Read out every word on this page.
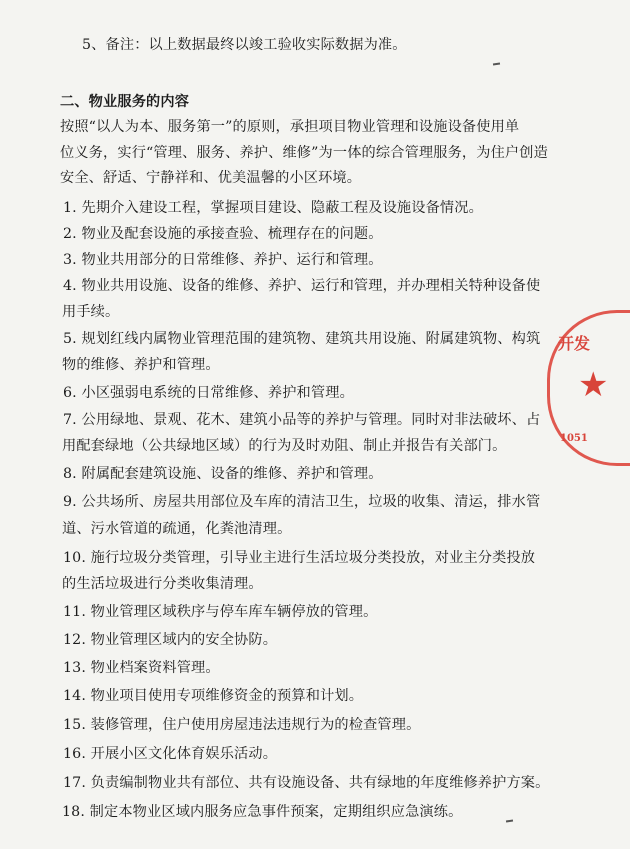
5、备注：以上数据最终以竣工验收实际数据为准。
二、物业服务的内容
按照“以人为本、服务第一”的原则，承担项目物业管理和设施设备使用单
位义务，实行“管理、服务、养护、维修”为一体的综合管理服务，为住户创造
安全、舒适、宁静祥和、优美温馨的小区环境。
1. 先期介入建设工程，掌握项目建设、隐蔽工程及设施设备情况。
2. 物业及配套设施的承接查验、梳理存在的问题。
3. 物业共用部分的日常维修、养护、运行和管理。
4. 物业共用设施、设备的维修、养护、运行和管理，并办理相关特种设备使
用手续。
5. 规划红线内属物业管理范围的建筑物、建筑共用设施、附属建筑物、构筑
物的维修、养护和管理。
6. 小区强弱电系统的日常维修、养护和管理。
7. 公用绿地、景观、花木、建筑小品等的养护与管理。同时对非法破坏、占
用配套绿地（公共绿地区域）的行为及时劝阻、制止并报告有关部门。
8. 附属配套建筑设施、设备的维修、养护和管理。
9. 公共场所、房屋共用部位及车库的清洁卫生，垃圾的收集、清运，排水管
道、污水管道的疏通，化粪池清理。
10. 施行垃圾分类管理，引导业主进行生活垃圾分类投放，对业主分类投放
的生活垃圾进行分类收集清理。
11. 物业管理区域秩序与停车库车辆停放的管理。
12. 物业管理区域内的安全协防。
13. 物业档案资料管理。
14. 物业项目使用专项维修资金的预算和计划。
15. 装修管理，住户使用房屋违法违规行为的检查管理。
16. 开展小区文化体育娱乐活动。
17. 负责编制物业共有部位、共有设施设备、共有绿地的年度维修养护方案。
18. 制定本物业区域内服务应急事件预案，定期组织应急演练。
开发
★
1051
